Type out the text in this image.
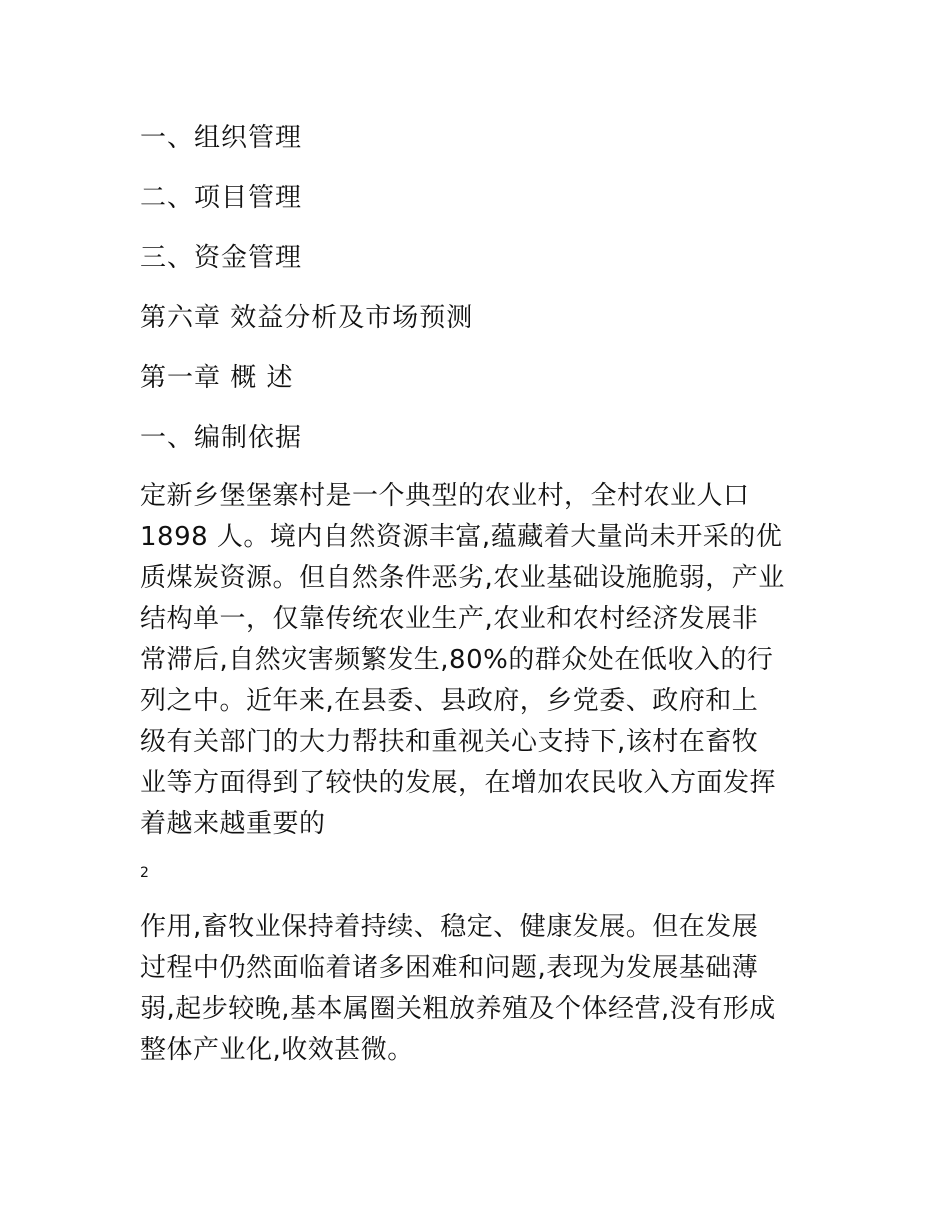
一、组织管理
二、项目管理
三、资金管理
第六章 效益分析及市场预测
第一章 概 述
一、编制依据
定新乡堡堡寨村是一个典型的农业村，全村农业人口
1898 人。境内自然资源丰富,蕴藏着大量尚未开采的优
质煤炭资源。但自然条件恶劣,农业基础设施脆弱，产业
结构单一，仅靠传统农业生产,农业和农村经济发展非
常滞后,自然灾害频繁发生,80%的群众处在低收入的行
列之中。近年来,在县委、县政府，乡党委、政府和上
级有关部门的大力帮扶和重视关心支持下,该村在畜牧
业等方面得到了较快的发展，在增加农民收入方面发挥
着越来越重要的
2
作用,畜牧业保持着持续、稳定、健康发展。但在发展
过程中仍然面临着诸多困难和问题,表现为发展基础薄
弱,起步较晚,基本属圈关粗放养殖及个体经营,没有形成
整体产业化,收效甚微。
